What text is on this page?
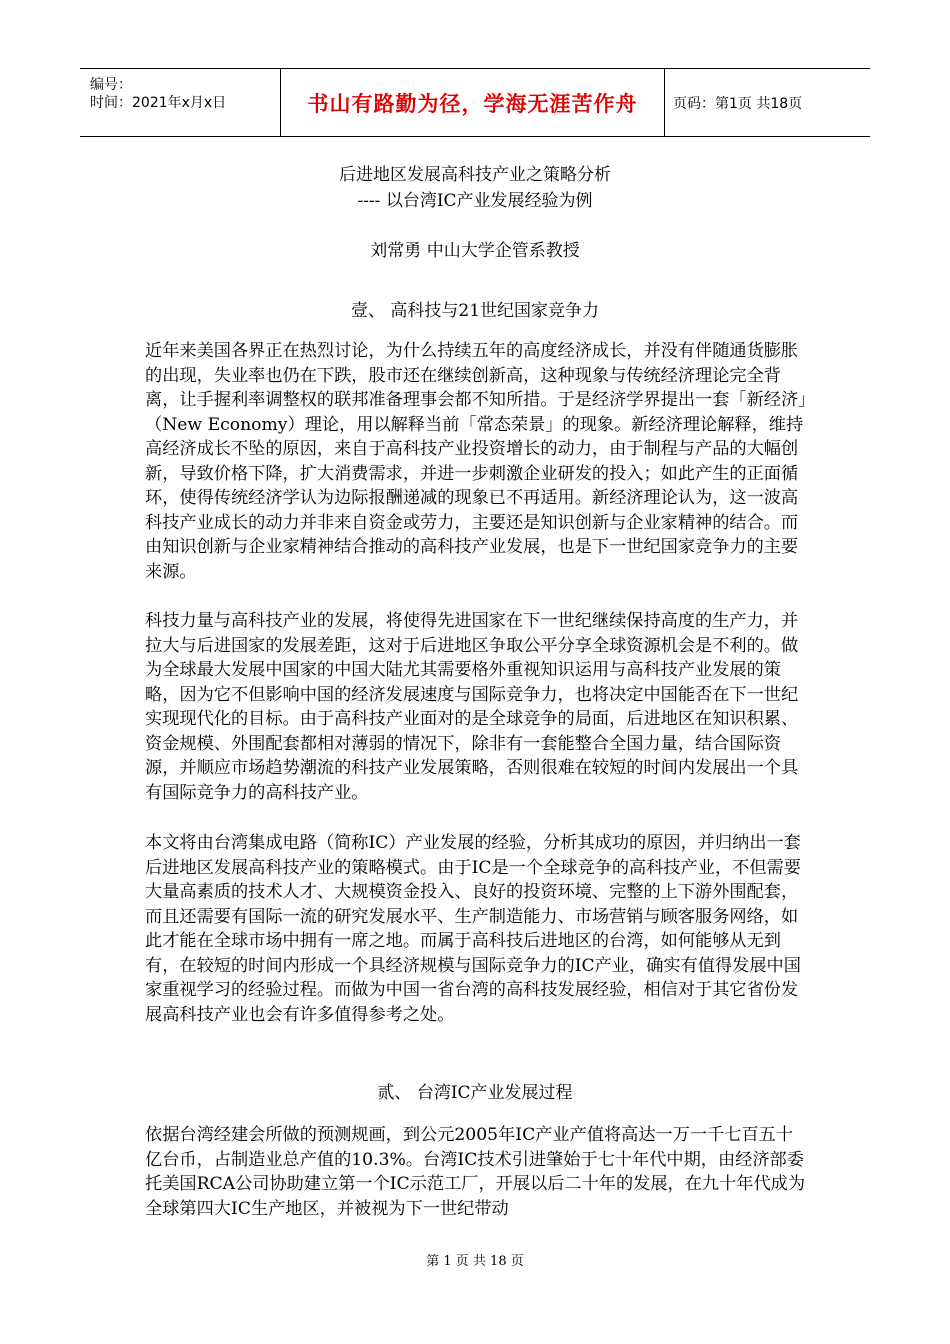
编号：
时间：2021年x月x日	书山有路勤为径，学海无涯苦作舟	页码：第1页 共18页
后进地区发展高科技产业之策略分析
---- 以台湾IC产业发展经验为例
刘常勇 中山大学企管系教授
壹、 高科技与21世纪国家竞争力

近年来美国各界正在热烈讨论，为什么持续五年的高度经济成长，并没有伴随通货膨胀的出现，失业率也仍在下跌，股市还在继续创新高，这种现象与传统经济理论完全背离，让手握利率调整权的联邦准备理事会都不知所措。于是经济学界提出一套「新经济」（New Economy）理论，用以解释当前「常态荣景」的现象。新经济理论解释，维持高经济成长不坠的原因，来自于高科技产业投资增长的动力，由于制程与产品的大幅创新，导致价格下降，扩大消费需求，并进一步刺激企业研发的投入；如此产生的正面循环，使得传统经济学认为边际报酬递减的现象已不再适用。新经济理论认为，这一波高科技产业成长的动力并非来自资金或劳力，主要还是知识创新与企业家精神的结合。而由知识创新与企业家精神结合推动的高科技产业发展，也是下一世纪国家竞争力的主要来源。

科技力量与高科技产业的发展，将使得先进国家在下一世纪继续保持高度的生产力，并拉大与后进国家的发展差距，这对于后进地区争取公平分享全球资源机会是不利的。做为全球最大发展中国家的中国大陆尤其需要格外重视知识运用与高科技产业发展的策略，因为它不但影响中国的经济发展速度与国际竞争力，也将决定中国能否在下一世纪实现现代化的目标。由于高科技产业面对的是全球竞争的局面，后进地区在知识积累、资金规模、外围配套都相对薄弱的情况下，除非有一套能整合全国力量，结合国际资源，并顺应市场趋势潮流的科技产业发展策略，否则很难在较短的时间内发展出一个具有国际竞争力的高科技产业。

本文将由台湾集成电路（简称IC）产业发展的经验，分析其成功的原因，并归纳出一套后进地区发展高科技产业的策略模式。由于IC是一个全球竞争的高科技产业，不但需要大量高素质的技术人才、大规模资金投入、良好的投资环境、完整的上下游外围配套，而且还需要有国际一流的研究发展水平、生产制造能力、市场营销与顾客服务网络，如此才能在全球市场中拥有一席之地。而属于高科技后进地区的台湾，如何能够从无到有，在较短的时间内形成一个具经济规模与国际竞争力的IC产业，确实有值得发展中国家重视学习的经验过程。而做为中国一省台湾的高科技发展经验，相信对于其它省份发展高科技产业也会有许多值得参考之处。

贰、 台湾IC产业发展过程

依据台湾经建会所做的预测规画，到公元2005年IC产业产值将高达一万一千七百五十亿台币，占制造业总产值的10.3%。台湾IC技术引进肇始于七十年代中期，由经济部委托美国RCA公司协助建立第一个IC示范工厂，开展以后二十年的发展，在九十年代成为全球第四大IC生产地区，并被视为下一世纪带动

第 1 页 共 18 页
